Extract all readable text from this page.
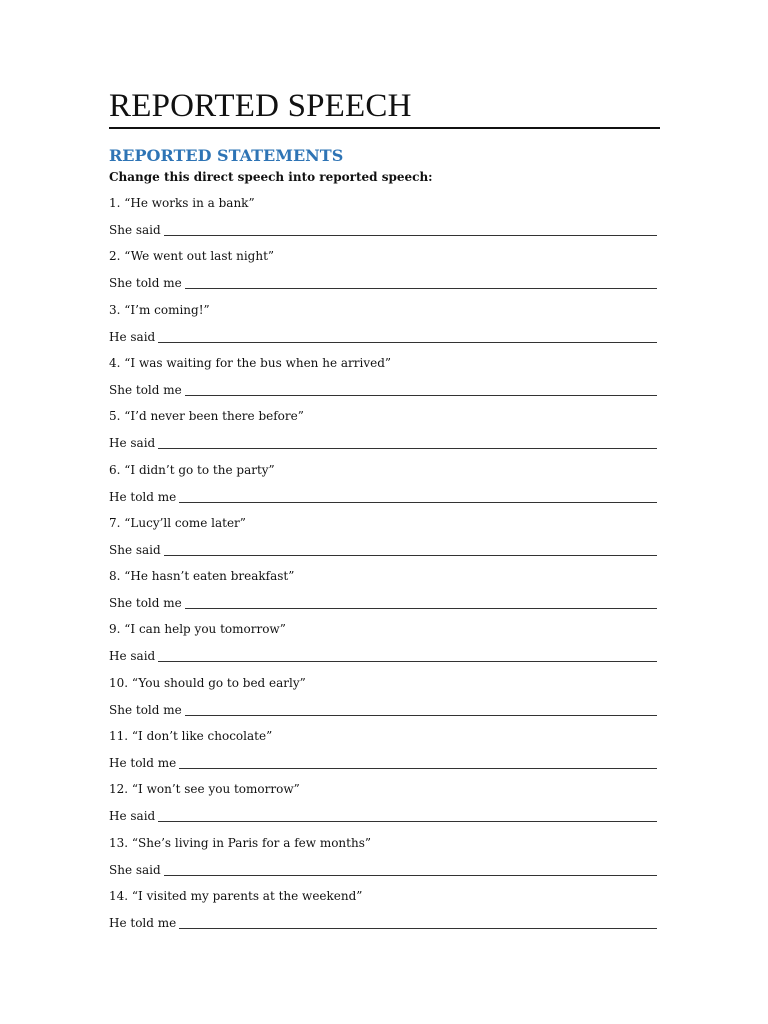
REPORTED SPEECH
REPORTED STATEMENTS
Change this direct speech into reported speech:
1. “He works in a bank”
She said
2. “We went out last night”
She told me
3. “I’m coming!”
He said
4. “I was waiting for the bus when he arrived”
She told me
5. “I’d never been there before”
He said
6. “I didn’t go to the party”
He told me
7. “Lucy’ll come later”
She said
8. “He hasn’t eaten breakfast”
She told me
9. “I can help you tomorrow”
He said
10. “You should go to bed early”
She told me
11. “I don’t like chocolate”
He told me
12. “I won’t see you tomorrow”
He said
13. “She’s living in Paris for a few months”
She said
14. “I visited my parents at the weekend”
He told me
